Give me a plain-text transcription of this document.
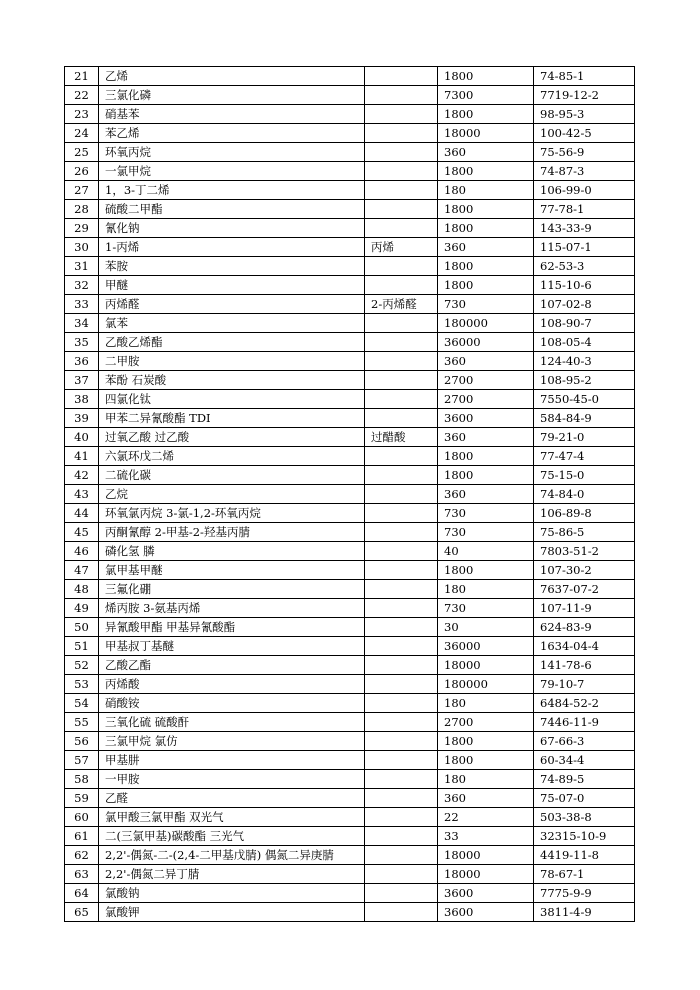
21	乙烯		1800	74-85-1
22	三氯化磷		7300	7719-12-2
23	硝基苯		1800	98-95-3
24	苯乙烯		18000	100-42-5
25	环氧丙烷		360	75-56-9
26	一氯甲烷		1800	74-87-3
27	1，3-丁二烯		180	106-99-0
28	硫酸二甲酯		1800	77-78-1
29	氰化钠		1800	143-33-9
30	1-丙烯	丙烯	360	115-07-1
31	苯胺		1800	62-53-3
32	甲醚		1800	115-10-6
33	丙烯醛	2-丙烯醛	730	107-02-8
34	氯苯		180000	108-90-7
35	乙酸乙烯酯		36000	108-05-4
36	二甲胺		360	124-40-3
37	苯酚 石炭酸		2700	108-95-2
38	四氯化钛		2700	7550-45-0
39	甲苯二异氰酸酯 TDI		3600	584-84-9
40	过氧乙酸 过乙酸	过醋酸	360	79-21-0
41	六氯环戊二烯		1800	77-47-4
42	二硫化碳		1800	75-15-0
43	乙烷		360	74-84-0
44	环氧氯丙烷 3-氯-1,2-环氧丙烷		730	106-89-8
45	丙酮氰醇 2-甲基-2-羟基丙腈		730	75-86-5
46	磷化氢 膦		40	7803-51-2
47	氯甲基甲醚		1800	107-30-2
48	三氟化硼		180	7637-07-2
49	烯丙胺 3-氨基丙烯		730	107-11-9
50	异氰酸甲酯 甲基异氰酸酯		30	624-83-9
51	甲基叔丁基醚		36000	1634-04-4
52	乙酸乙酯		18000	141-78-6
53	丙烯酸		180000	79-10-7
54	硝酸铵		180	6484-52-2
55	三氧化硫 硫酸酐		2700	7446-11-9
56	三氯甲烷 氯仿		1800	67-66-3
57	甲基肼		1800	60-34-4
58	一甲胺		180	74-89-5
59	乙醛		360	75-07-0
60	氯甲酸三氯甲酯 双光气		22	503-38-8
61	二(三氯甲基)碳酸酯 三光气		33	32315-10-9
62	2,2'-偶氮-二-(2,4-二甲基戊腈) 偶氮二异庚腈		18000	4419-11-8
63	2,2'-偶氮二异丁腈		18000	78-67-1
64	氯酸钠		3600	7775-9-9
65	氯酸钾		3600	3811-4-9
